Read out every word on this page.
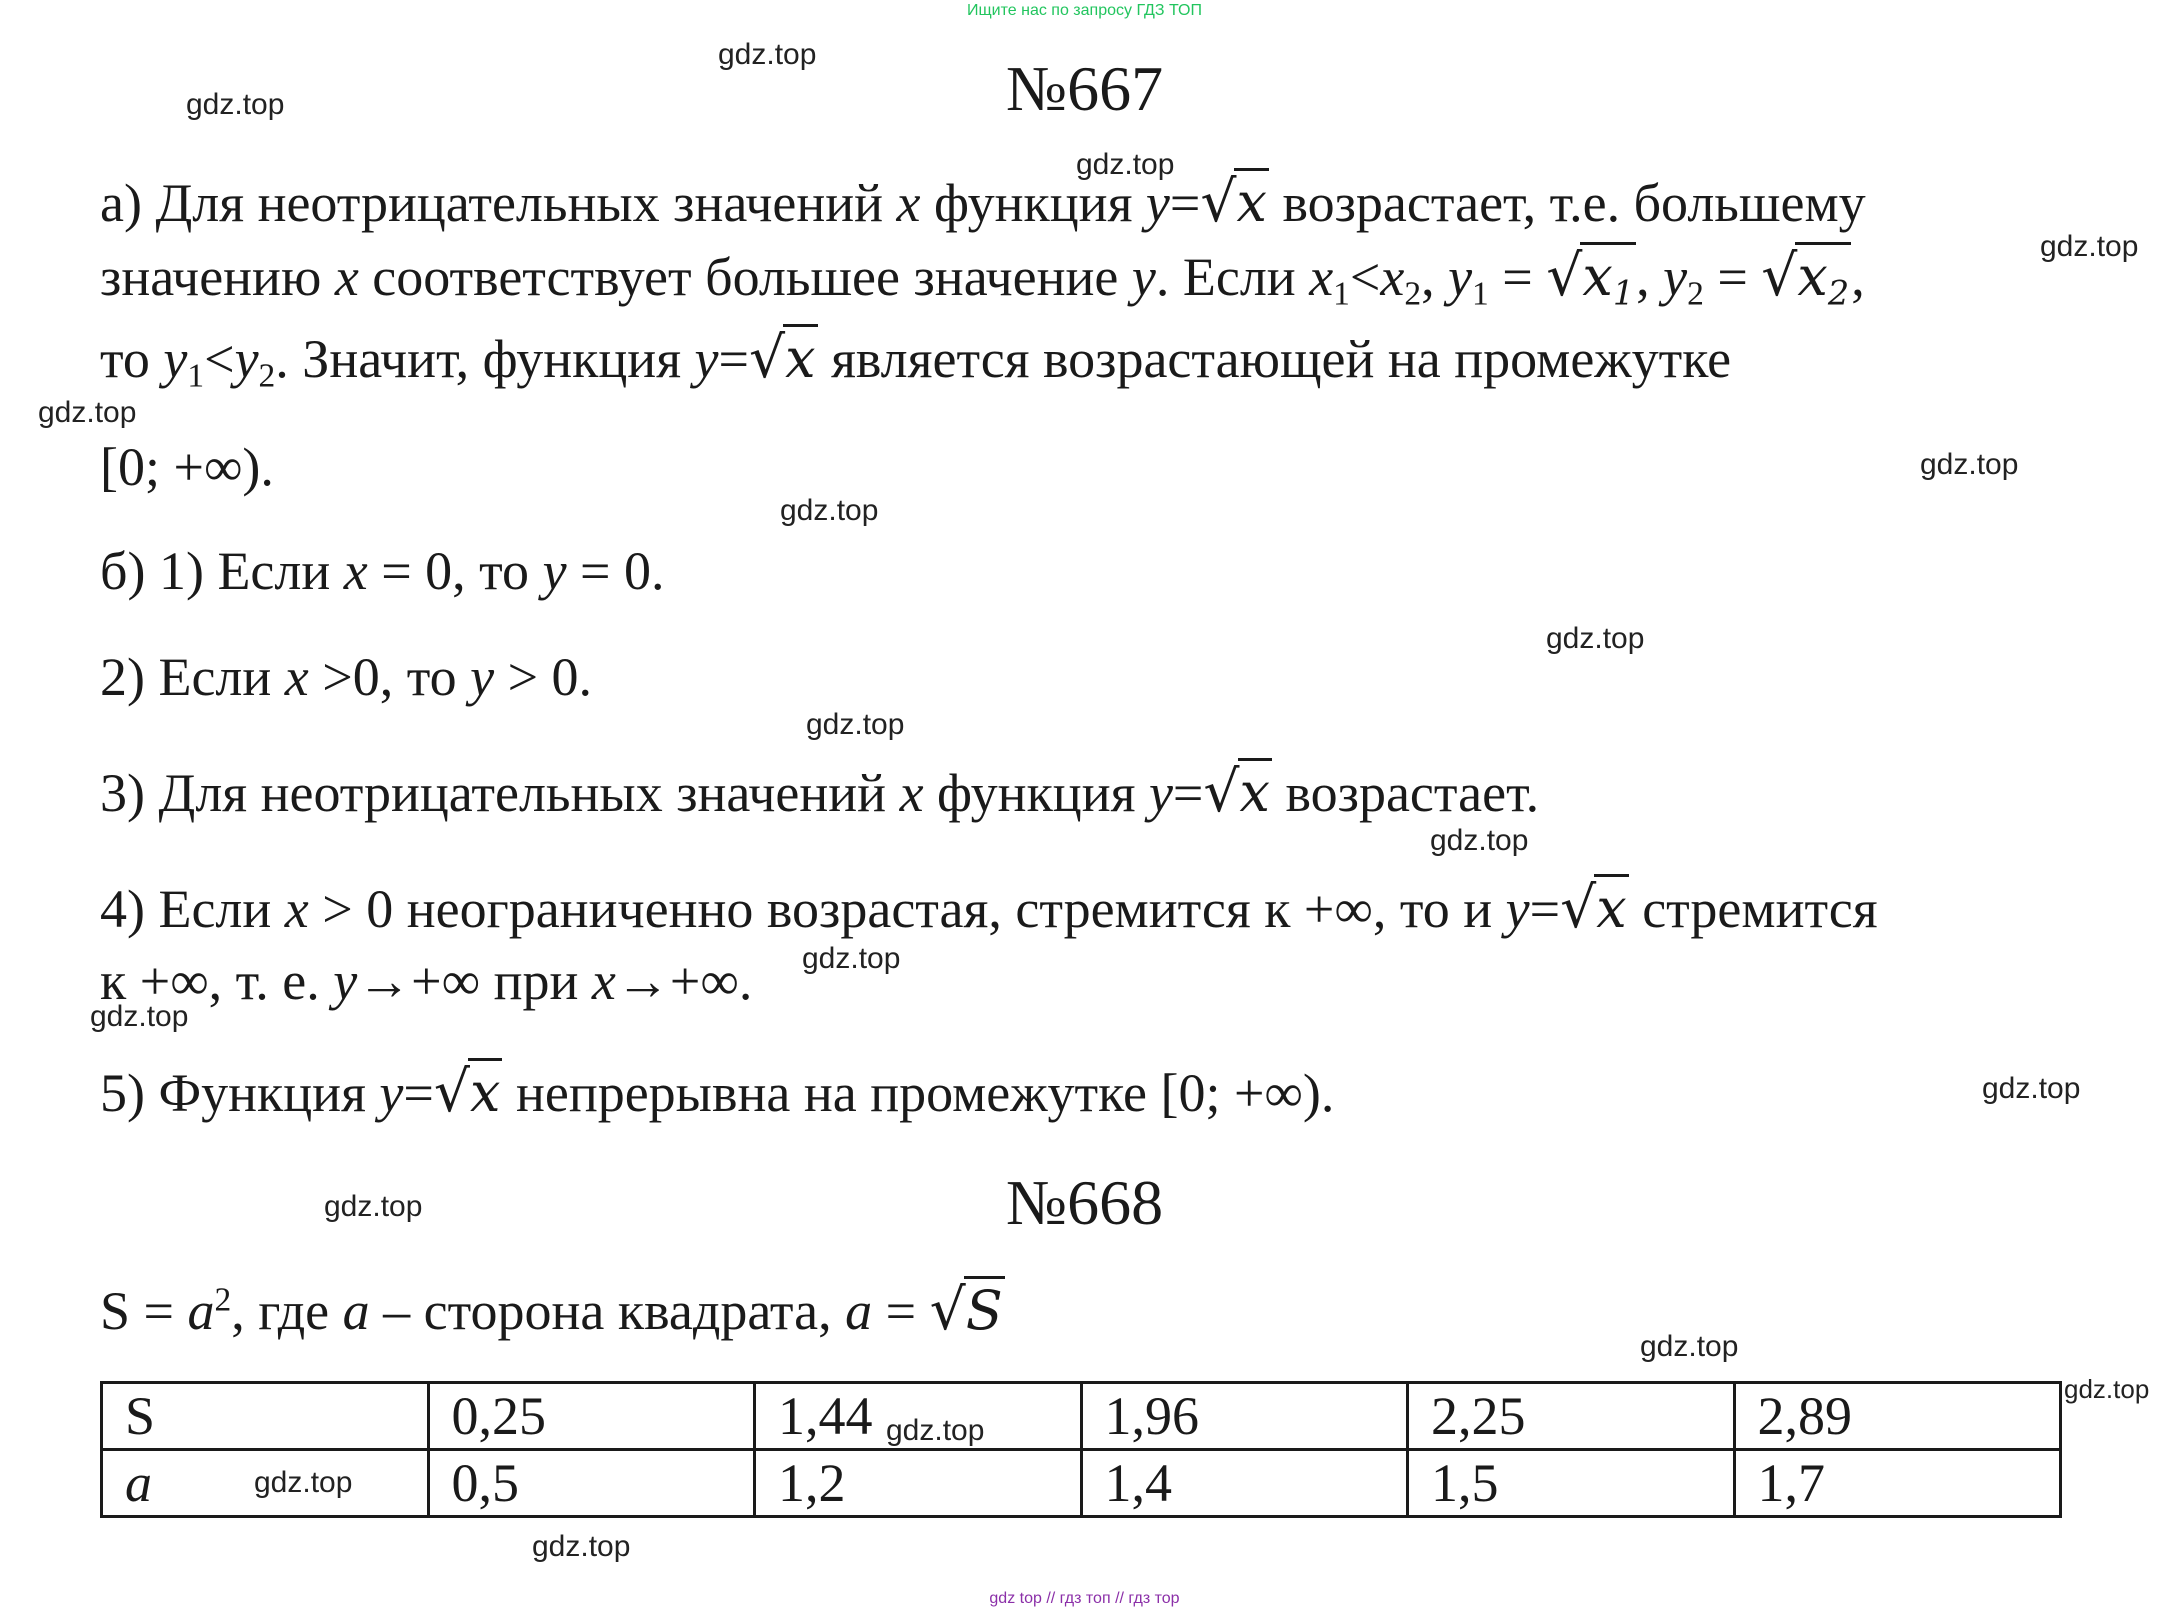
Ищите нас по запросу ГДЗ ТОП
gdz.top
gdz.top
gdz.top
gdz.top
gdz.top
gdz.top
gdz.top
gdz.top
gdz.top
gdz.top
gdz.top
gdz.top
gdz.top
gdz.top
gdz.top
gdz.top
gdz.top
gdz.top
gdz.top
№667
а) Для неотрицательных значений x функция y=√x возрастает, т.е. большему
значению x соответствует большее значение y. Если $x_1<x_2$, $y_1 = √x_1$, $y_2 = √x_2$,
то $y_1<y_2$. Значит, функция y=√x является возрастающей на промежутке
[0; +∞).
б) 1) Если x = 0, то y = 0.
2) Если x >0, то y > 0.
3) Для неотрицательных значений x функция y=√x возрастает.
4) Если x > 0 неограниченно возрастая, стремится к +∞, то и y=√x стремится
к +∞, т. е. y→+∞ при x→+∞.
5) Функция y=√x непрерывна на промежутке [0; +∞).
№668
$S = a^2$, где a – сторона квадрата, a = √S
S	0,25	1,44	1,96	2,25	2,89
a	0,5	1,2	1,4	1,5	1,7
gdz top // гдз топ // гдз тор
